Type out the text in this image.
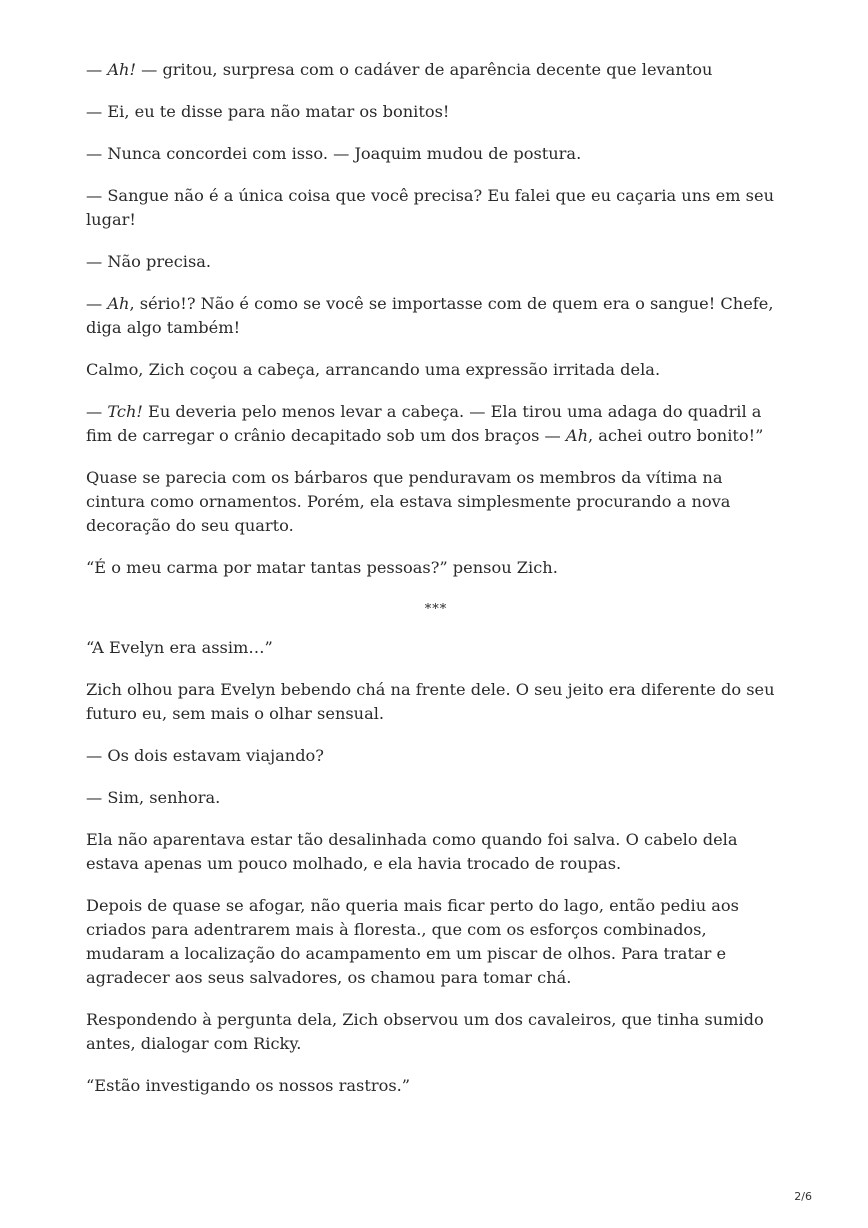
— Ah! — gritou, surpresa com o cadáver de aparência decente que levantou

— Ei, eu te disse para não matar os bonitos!

— Nunca concordei com isso. — Joaquim mudou de postura.

— Sangue não é a única coisa que você precisa? Eu falei que eu caçaria uns em seu lugar!

— Não precisa.

— Ah, sério!? Não é como se você se importasse com de quem era o sangue! Chefe, diga algo também!

Calmo, Zich coçou a cabeça, arrancando uma expressão irritada dela.

— Tch! Eu deveria pelo menos levar a cabeça. — Ela tirou uma adaga do quadril a fim de carregar o crânio decapitado sob um dos braços — Ah, achei outro bonito!”

Quase se parecia com os bárbaros que penduravam os membros da vítima na cintura como ornamentos. Porém, ela estava simplesmente procurando a nova decoração do seu quarto.

“É o meu carma por matar tantas pessoas?” pensou Zich.

***

“A Evelyn era assim…”

Zich olhou para Evelyn bebendo chá na frente dele. O seu jeito era diferente do seu futuro eu, sem mais o olhar sensual.

— Os dois estavam viajando?

— Sim, senhora.

Ela não aparentava estar tão desalinhada como quando foi salva. O cabelo dela estava apenas um pouco molhado, e ela havia trocado de roupas.

Depois de quase se afogar, não queria mais ficar perto do lago, então pediu aos criados para adentrarem mais à floresta., que com os esforços combinados, mudaram a localização do acampamento em um piscar de olhos. Para tratar e agradecer aos seus salvadores, os chamou para tomar chá.

Respondendo à pergunta dela, Zich observou um dos cavaleiros, que tinha sumido antes, dialogar com Ricky.

“Estão investigando os nossos rastros.”

2/6
